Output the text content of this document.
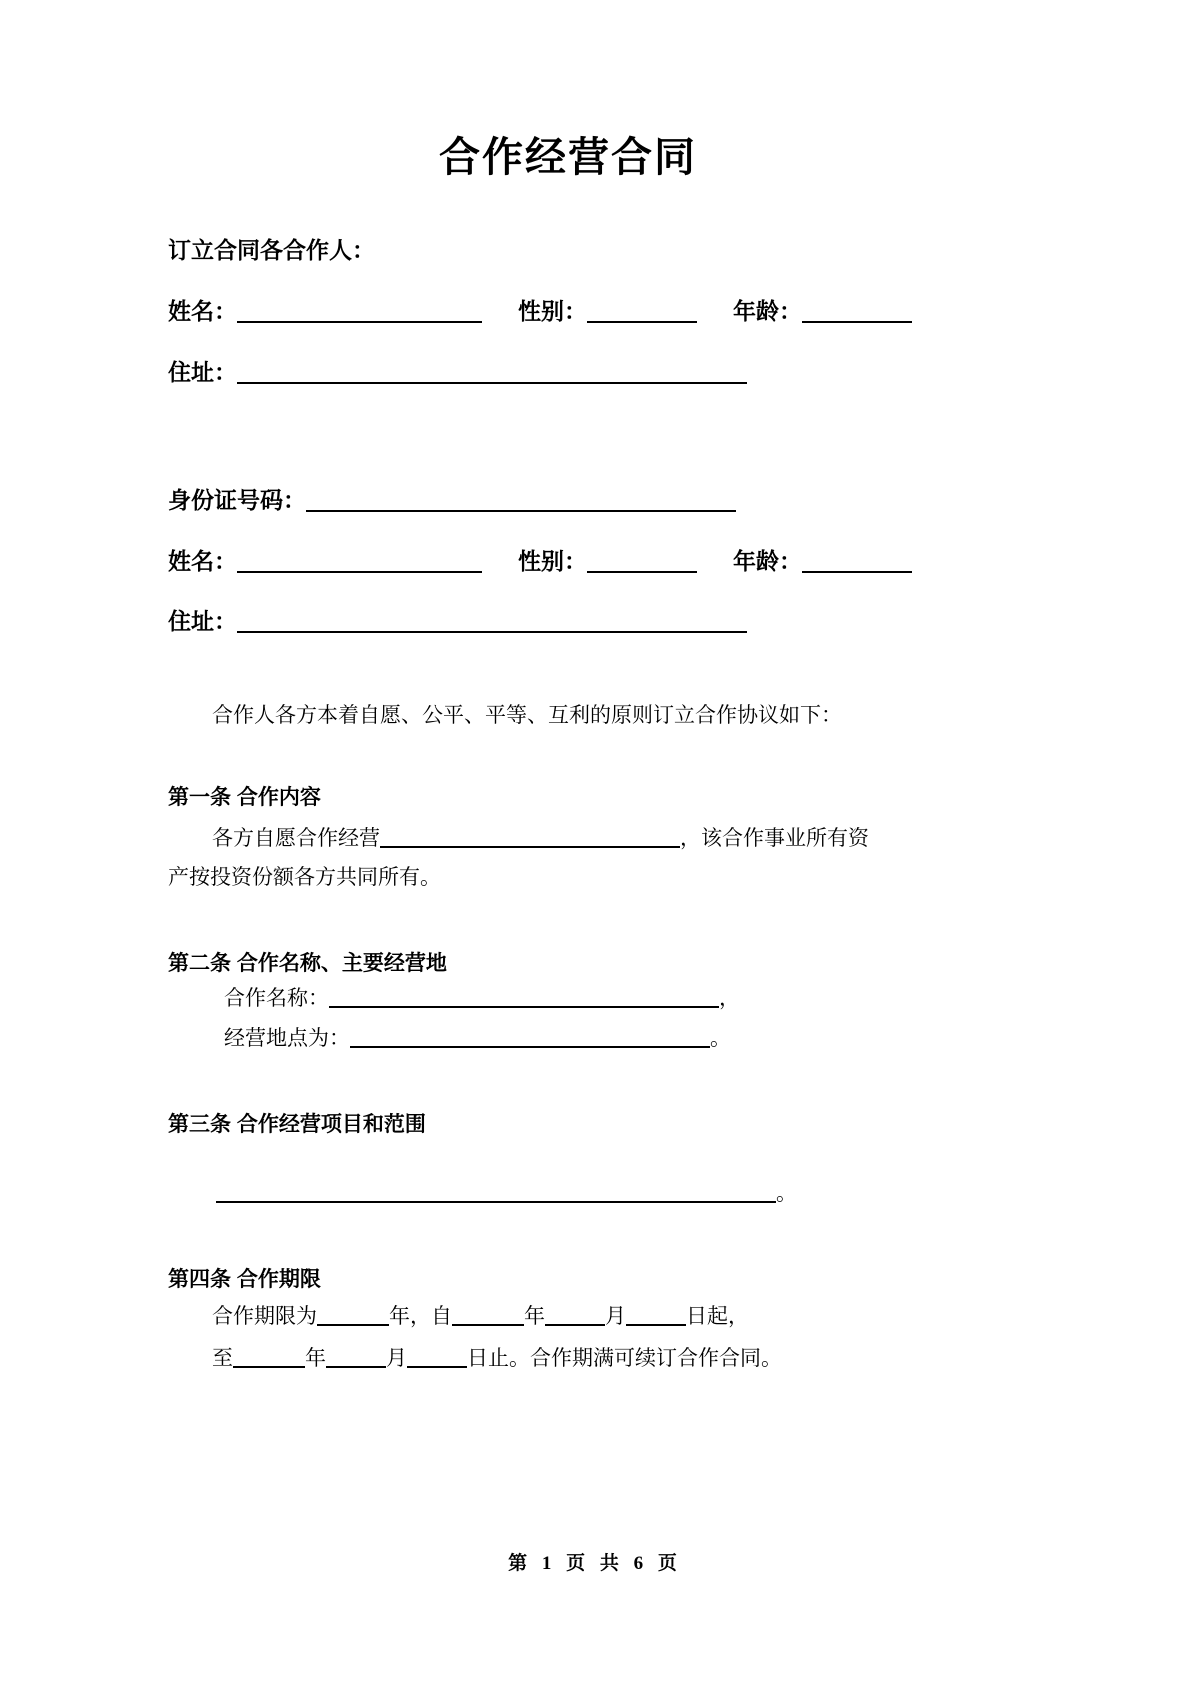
合作经营合同
订立合同各合作人：
姓名：	性别：	年龄：
住址：
身份证号码：
姓名：	性别：	年龄：
住址：
合作人各方本着自愿、公平、平等、互利的原则订立合作协议如下：
第一条 合作内容
各方自愿合作经营	，该合作事业所有资
产按投资份额各方共同所有。
第二条 合作名称、主要经营地
合作名称：	，
经营地点为：	。
第三条 合作经营项目和范围
。
第四条 合作期限
合作期限为	年，自	年	月	日起，
至	年	月	日止。合作期满可续订合作合同。
第 1 页 共 6 页
